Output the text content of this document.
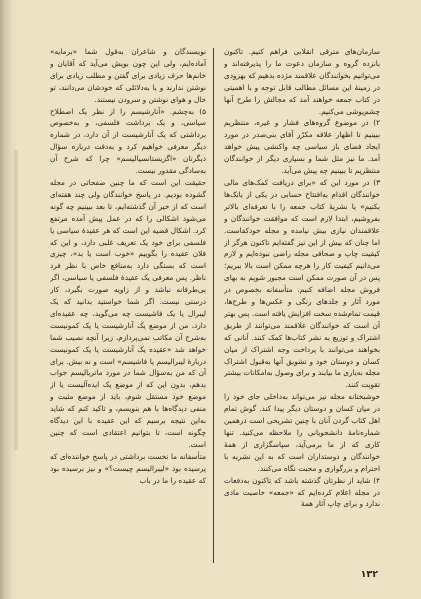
سازمان‌های مترقی انقلابی فراهم کنیم. تاکنون بانزده گروه و سازمان دعوت ما را پذیرفته‌اند و می‌توانیم بخوانندگان علاقمند مژده بدهیم که بهزودی در زمینهٔ این مسائل مطالب قابل توجه و با اهمیتی در کتاب جمعه خواهند آمد که مجالش را طرح آنها چشم‌پوشی می‌کنیم.

۲) در موضوع گروه‌های فشار و غیره، منتظریم ببینیم تا اظهار علاقه مکرّر آقای بنی‌صدر در مورد ایجاد فضای باز سیاسی چه واکنشی پیش خواهد آمد. ما نیز مثل شما و بسیاری دیگر از خوانندگان منتظریم تا ببینیم چه پیش می‌آید.

۳) در مورد این که «برای دریافت کمک‌های مالی خوانندگان اقدام به‌افتتاح حسابی در یکی از بانک‌ها بکنیم» یا نشریهٔ کتاب جمعه را با تعرفه‌ای بالاتر بفروشیم، ابتدا لازم است که موافقت خوانندگان و علاقمندان نیازی بیش نیامده و مجله خودکفاست. اما چنان که بیش از این نیز گفته‌ایم تاکنون هرگز از کیفیت چاپ و صحافی مجله راضی نبوده‌ایم و لازم می‌دانیم کیفیت کار را هرچه ممکن است بالا ببریم؛ پس در آن صورت ممکن است مجبور شویم به بهای فروش مجله اضافه کنیم. متأسفانه بخصوص در مورد آثار و جلدهای رنگی و عکس‌ها و طرح‌ها، قیمت تمام‌شده سخت افزایش یافته است. پس بهتر آن است که خوانندگان علاقمند می‌توانند از طریق اشتراک و توزیع به نشر کتاب‌ها کمک کنند. آنانی که بخواهند می‌توانند با پرداخت وجه اشتراک از میان کسان و دوستان خود و تشویق آنها به‌قبول اشتراک مجله به‌یاری ما بیایند و برای وصول به‌امکانات بیشتر تقویت کنند.

خوشبختانه مجله نیز می‌تواند به‌داخلی جای خود را در میان کسان و دوستان دیگر پیدا کند. گوش تمام اهل کتاب گردن آنان با چنین تشریحی است درهمین شماره‌نامهٔ دانشجویانی را ملاحظه می‌کنید. تنها کاری که از ما برمی‌آید، سپاسگزاری از همهٔ خوانندگان و دوستداران است که به این نشریه با احترام و بزرگواری و محبت نگاه می‌کنند.

۴) شاید از نظرتان گذشته باشد که تاکنون به‌دفعات در مجله اعلام کرده‌ایم که «جمعه» خاصیت مادی ندارد و برای چاپ آثار همهٔ

نویسندگان و شاعران به‌قول شما «برمایه» آماده‌ایم، ولی این چون بویش می‌آید که آقایان و خانم‌ها حرف زیادی برای گفتن و مطلب زیادی برای نوشتن ندارند و یا به‌دلائلی که خودشان می‌دانند، تو حال و هوای نوشتن و سرودن نیستند.

۵) به‌چشم. «آنارشیسم را از نظر یک اصطلاح سیاسی، و یک برداشت فلسفی، و به‌خصوص برداشتی که یک آنارشیست از آن دارد، در شماره دیگر معرفی خواهیم کرد و به‌دقت درباره سؤال دیگرتان «اگزیستانسیالیسم» چرا که شرح آن به‌سادگی مقدور نیست.

حقیقت این است که ما چنین صفحاتی در مجله گشوده بودیم. در پاسخ خوانندگان ولی چند هفته‌ای است که از خیر آن گذشته‌ایم، تا بعد ببینیم چه گونه می‌شود اشکالی را که در عمل پیش آمده مرتفع کرد. اشکال قضیه این است که هر عقیدهٔ سیاسی یا فلسفی برای خود یک تعریف غلبی دارد، و این که فلان عقیده را بگوییم «خوب است یا بد»، چیزی است که بستگی دارد به‌منافع خاص با نظر فرد ناظر. پس معرفی یک عقیدهٔ فلسفی یا سیاسی، اگر بی‌طرفانه نباشد و از زاویه صورت بگیرد، کار درستی نیست. اگر شما خواستید بدانید که یک لیبرال یا یک فاشیست چه می‌گوید، چه عقیده‌ای دارد، من از موضع یک آنارشیست یا یک کمونیست به‌شرح آن مکاتب نمی‌پردازم، زیرا آنچه نصیب شما خواهد شد «عقیده یک آنارشیست یا یک کمونیست دربارهٔ لیبرالیسم یا فاشیسم» است و نه بیش. برای آن که من به‌سؤال شما در مورد ماتریالیسم جواب بدهم، بدون این که از موضع یک ایده‌آلیست یا از موضع خود مستقل شوم، باید از موضع مثبت و منفی دیدگاه‌ها با هم بنویسم، و تاکید کنم که شاید به‌این نتیجه برسیم که این عقیده با این دیدگاه چگونه است، تا بتوانیم اعتقادی است که چنین است.

متأسفانه ما نخست برداشتی در پاسخ خواننده‌ای که پرسیده بود «لیبرالیسم چیست؟» و نیز برسیده بود که عقیده را ما در باب

۱۳۲
